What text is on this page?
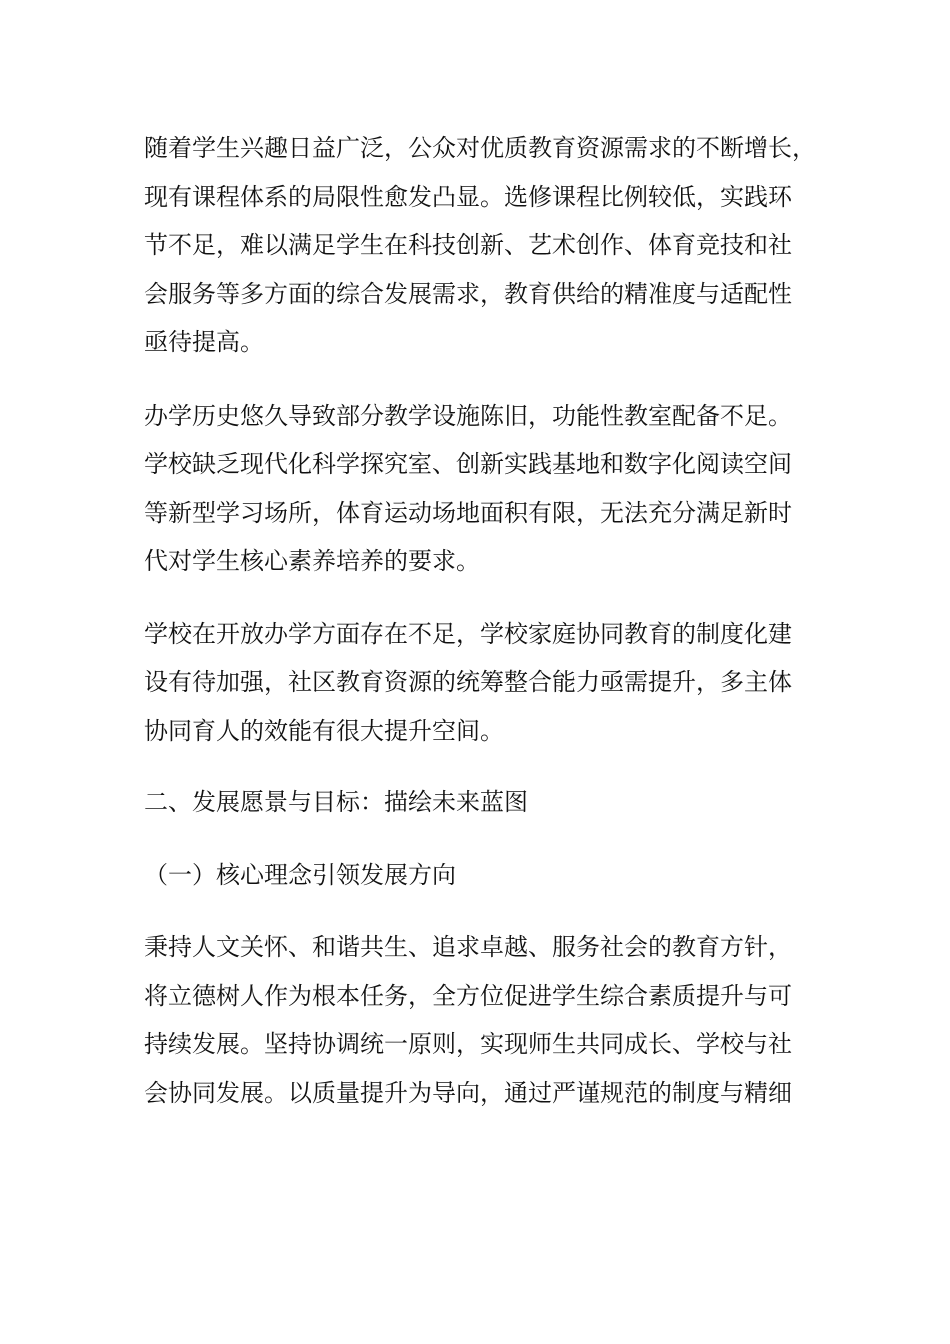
随着学生兴趣日益广泛，公众对优质教育资源需求的不断增长，
现有课程体系的局限性愈发凸显。选修课程比例较低，实践环
节不足，难以满足学生在科技创新、艺术创作、体育竞技和社
会服务等多方面的综合发展需求，教育供给的精准度与适配性
亟待提高。
办学历史悠久导致部分教学设施陈旧，功能性教室配备不足。
学校缺乏现代化科学探究室、创新实践基地和数字化阅读空间
等新型学习场所，体育运动场地面积有限，无法充分满足新时
代对学生核心素养培养的要求。
学校在开放办学方面存在不足，学校家庭协同教育的制度化建
设有待加强，社区教育资源的统筹整合能力亟需提升，多主体
协同育人的效能有很大提升空间。
二、发展愿景与目标：描绘未来蓝图
（一）核心理念引领发展方向
秉持人文关怀、和谐共生、追求卓越、服务社会的教育方针，
将立德树人作为根本任务，全方位促进学生综合素质提升与可
持续发展。坚持协调统一原则，实现师生共同成长、学校与社
会协同发展。以质量提升为导向，通过严谨规范的制度与精细
